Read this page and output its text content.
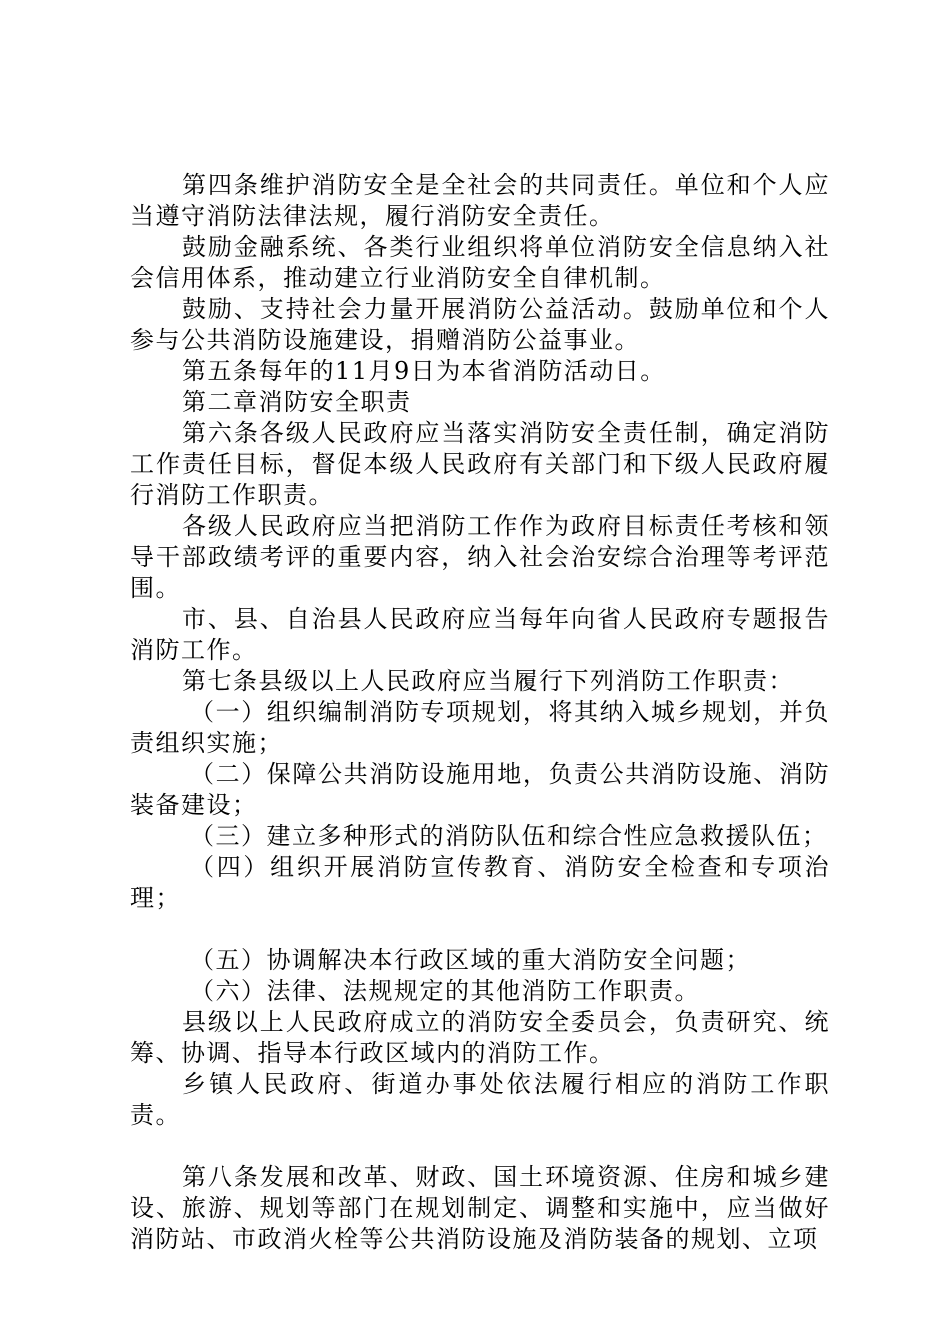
第四条维护消防安全是全社会的共同责任。单位和个人应当遵守消防法律法规，履行消防安全责任。

鼓励金融系统、各类行业组织将单位消防安全信息纳入社会信用体系，推动建立行业消防安全自律机制。

鼓励、支持社会力量开展消防公益活动。鼓励单位和个人参与公共消防设施建设，捐赠消防公益事业。

第五条每年的11月9日为本省消防活动日。

第二章消防安全职责

第六条各级人民政府应当落实消防安全责任制，确定消防工作责任目标，督促本级人民政府有关部门和下级人民政府履行消防工作职责。

各级人民政府应当把消防工作作为政府目标责任考核和领导干部政绩考评的重要内容，纳入社会治安综合治理等考评范围。

市、县、自治县人民政府应当每年向省人民政府专题报告消防工作。

第七条县级以上人民政府应当履行下列消防工作职责：

（一）组织编制消防专项规划，将其纳入城乡规划，并负责组织实施；

（二）保障公共消防设施用地，负责公共消防设施、消防装备建设；

（三）建立多种形式的消防队伍和综合性应急救援队伍；

（四）组织开展消防宣传教育、消防安全检查和专项治理；

（五）协调解决本行政区域的重大消防安全问题；

（六）法律、法规规定的其他消防工作职责。

县级以上人民政府成立的消防安全委员会，负责研究、统筹、协调、指导本行政区域内的消防工作。

乡镇人民政府、街道办事处依法履行相应的消防工作职责。

第八条发展和改革、财政、国土环境资源、住房和城乡建设、旅游、规划等部门在规划制定、调整和实施中，应当做好消防站、市政消火栓等公共消防设施及消防装备的规划、立项
